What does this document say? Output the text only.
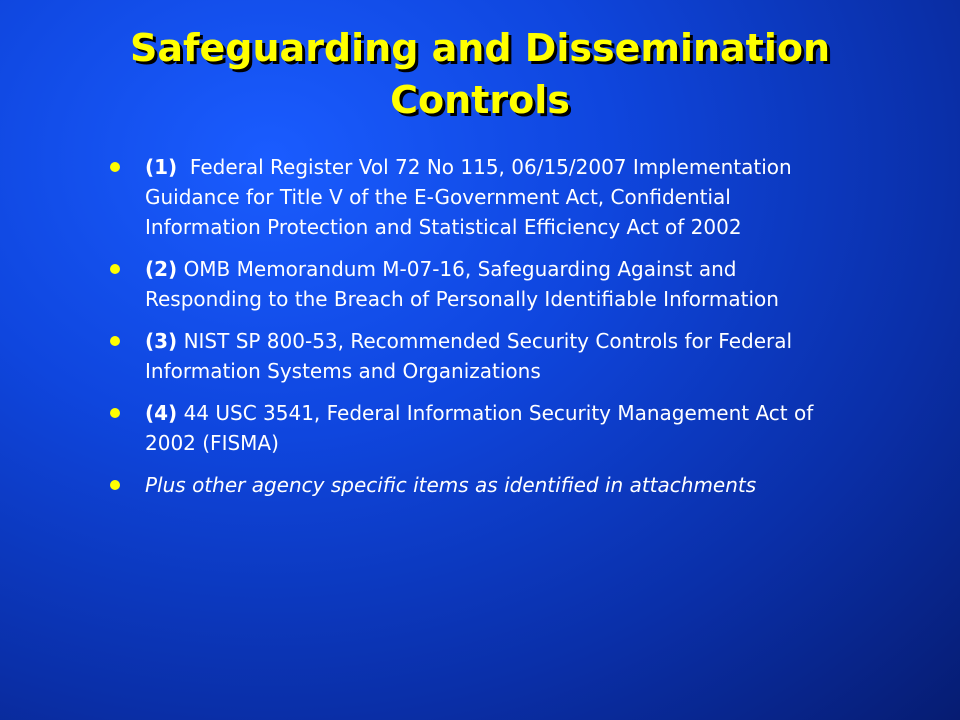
Safeguarding and Dissemination
Controls
(1) Federal Register Vol 72 No 115, 06/15/2007 Implementation Guidance for Title V of the E-Government Act, Confidential Information Protection and Statistical Efficiency Act of 2002
(2) OMB Memorandum M-07-16, Safeguarding Against and Responding to the Breach of Personally Identifiable Information
(3) NIST SP 800-53, Recommended Security Controls for Federal Information Systems and Organizations
(4) 44 USC 3541, Federal Information Security Management Act of 2002 (FISMA)
Plus other agency specific items as identified in attachments
